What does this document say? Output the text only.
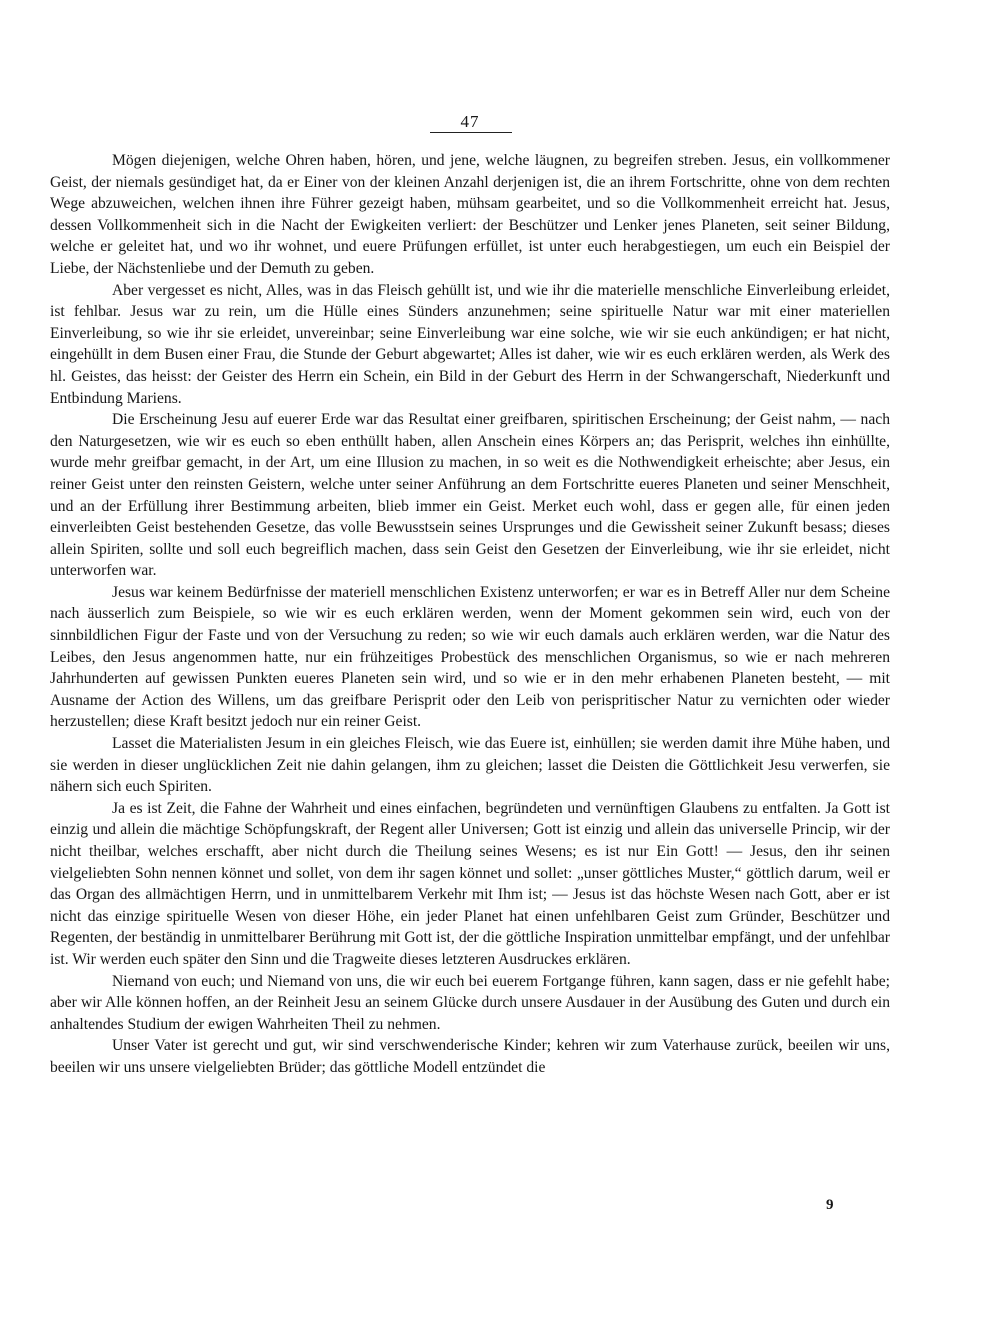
47

Mögen diejenigen, welche Ohren haben, hören, und jene, welche läugnen, zu begreifen streben. Jesus, ein vollkommener Geist, der niemals gesündiget hat, da er Einer von der kleinen Anzahl derjenigen ist, die an ihrem Fortschritte, ohne von dem rechten Wege abzuweichen, welchen ihnen ihre Führer gezeigt haben, mühsam gearbeitet, und so die Vollkommenheit erreicht hat. Jesus, dessen Vollkommenheit sich in die Nacht der Ewigkeiten verliert: der Beschützer und Lenker jenes Planeten, seit seiner Bildung, welche er geleitet hat, und wo ihr wohnet, und euere Prüfungen erfüllet, ist unter euch herabgestiegen, um euch ein Beispiel der Liebe, der Nächstenliebe und der Demuth zu geben.

Aber vergesset es nicht, Alles, was in das Fleisch gehüllt ist, und wie ihr die materielle menschliche Einverleibung erleidet, ist fehlbar. Jesus war zu rein, um die Hülle eines Sünders anzunehmen; seine spirituelle Natur war mit einer materiellen Einverleibung, so wie ihr sie erleidet, unvereinbar; seine Einverleibung war eine solche, wie wir sie euch ankündigen; er hat nicht, eingehüllt in dem Busen einer Frau, die Stunde der Geburt abgewartet; Alles ist daher, wie wir es euch erklären werden, als Werk des hl. Geistes, das heisst: der Geister des Herrn ein Schein, ein Bild in der Geburt des Herrn in der Schwangerschaft, Niederkunft und Entbindung Mariens.

Die Erscheinung Jesu auf euerer Erde war das Resultat einer greifbaren, spiritischen Erscheinung; der Geist nahm, — nach den Naturgesetzen, wie wir es euch so eben enthüllt haben, allen Anschein eines Körpers an; das Perisprit, welches ihn einhüllte, wurde mehr greifbar gemacht, in der Art, um eine Illusion zu machen, in so weit es die Nothwendigkeit erheischte; aber Jesus, ein reiner Geist unter den reinsten Geistern, welche unter seiner Anführung an dem Fortschritte eueres Planeten und seiner Menschheit, und an der Erfüllung ihrer Bestimmung arbeiten, blieb immer ein Geist. Merket euch wohl, dass er gegen alle, für einen jeden einverleibten Geist bestehenden Gesetze, das volle Bewusstsein seines Ursprunges und die Gewissheit seiner Zukunft besass; dieses allein Spiriten, sollte und soll euch begreiflich machen, dass sein Geist den Gesetzen der Einverleibung, wie ihr sie erleidet, nicht unterworfen war.

Jesus war keinem Bedürfnisse der materiell menschlichen Existenz unterworfen; er war es in Betreff Aller nur dem Scheine nach äusserlich zum Beispiele, so wie wir es euch erklären werden, wenn der Moment gekommen sein wird, euch von der sinnbildlichen Figur der Faste und von der Versuchung zu reden; so wie wir euch damals auch erklären werden, war die Natur des Leibes, den Jesus angenommen hatte, nur ein frühzeitiges Probestück des menschlichen Organismus, so wie er nach mehreren Jahrhunderten auf gewissen Punkten eueres Planeten sein wird, und so wie er in den mehr erhabenen Planeten besteht, — mit Ausname der Action des Willens, um das greifbare Perisprit oder den Leib von perispritischer Natur zu vernichten oder wieder herzustellen; diese Kraft besitzt jedoch nur ein reiner Geist.

Lasset die Materialisten Jesum in ein gleiches Fleisch, wie das Euere ist, einhüllen; sie werden damit ihre Mühe haben, und sie werden in dieser unglücklichen Zeit nie dahin gelangen, ihm zu gleichen; lasset die Deisten die Göttlichkeit Jesu verwerfen, sie nähern sich euch Spiriten.

Ja es ist Zeit, die Fahne der Wahrheit und eines einfachen, begründeten und vernünftigen Glaubens zu entfalten. Ja Gott ist einzig und allein die mächtige Schöpfungskraft, der Regent aller Universen; Gott ist einzig und allein das universelle Princip, wir der nicht theilbar, welches erschafft, aber nicht durch die Theilung seines Wesens; es ist nur Ein Gott! — Jesus, den ihr seinen vielgeliebten Sohn nennen könnet und sollet, von dem ihr sagen könnet und sollet: „unser göttliches Muster,“ göttlich darum, weil er das Organ des allmächtigen Herrn, und in unmittelbarem Verkehr mit Ihm ist; — Jesus ist das höchste Wesen nach Gott, aber er ist nicht das einzige spirituelle Wesen von dieser Höhe, ein jeder Planet hat einen unfehlbaren Geist zum Gründer, Beschützer und Regenten, der beständig in unmittelbarer Berührung mit Gott ist, der die göttliche Inspiration unmittelbar empfängt, und der unfehlbar ist. Wir werden euch später den Sinn und die Tragweite dieses letzteren Ausdruckes erklären.

Niemand von euch; und Niemand von uns, die wir euch bei euerem Fortgange führen, kann sagen, dass er nie gefehlt habe; aber wir Alle können hoffen, an der Reinheit Jesu an seinem Glücke durch unsere Ausdauer in der Ausübung des Guten und durch ein anhaltendes Studium der ewigen Wahrheiten Theil zu nehmen.

Unser Vater ist gerecht und gut, wir sind verschwenderische Kinder; kehren wir zum Vaterhause zurück, beeilen wir uns, beeilen wir uns unsere vielgeliebten Brüder; das göttliche Modell entzündet die

9
